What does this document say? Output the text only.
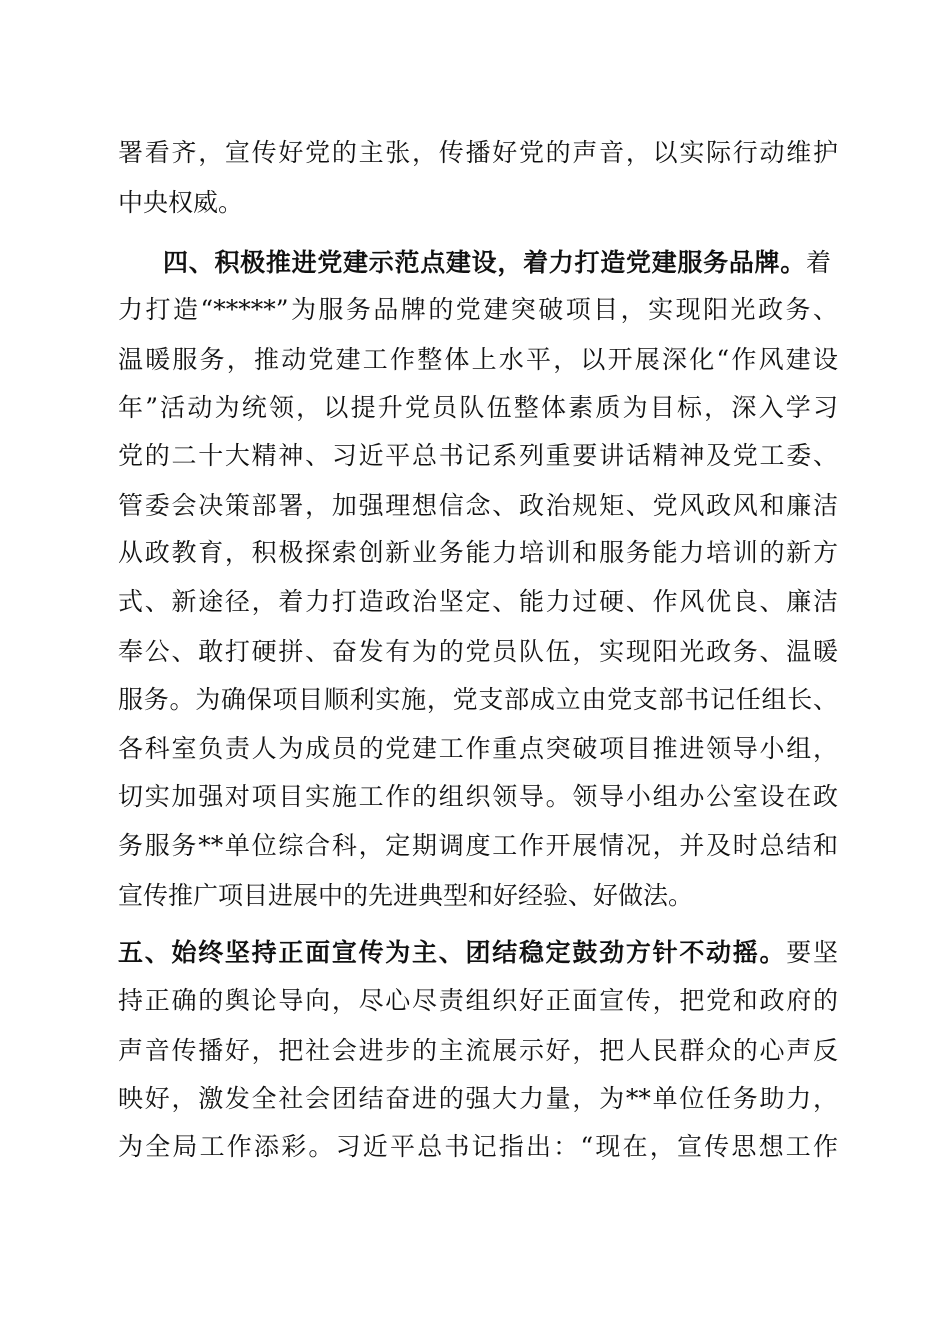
署看齐，宣传好党的主张，传播好党的声音，以实际行动维护
中央权威。
四、积极推进党建示范点建设，着力打造党建服务品牌。着
力打造“*****”为服务品牌的党建突破项目，实现阳光政务、
温暖服务，推动党建工作整体上水平，以开展深化“作风建设
年”活动为统领，以提升党员队伍整体素质为目标，深入学习
党的二十大精神、习近平总书记系列重要讲话精神及党工委、
管委会决策部署，加强理想信念、政治规矩、党风政风和廉洁
从政教育，积极探索创新业务能力培训和服务能力培训的新方
式、新途径，着力打造政治坚定、能力过硬、作风优良、廉洁
奉公、敢打硬拼、奋发有为的党员队伍，实现阳光政务、温暖
服务。为确保项目顺利实施，党支部成立由党支部书记任组长、
各科室负责人为成员的党建工作重点突破项目推进领导小组，
切实加强对项目实施工作的组织领导。领导小组办公室设在政
务服务**单位综合科，定期调度工作开展情况，并及时总结和
宣传推广项目进展中的先进典型和好经验、好做法。
五、始终坚持正面宣传为主、团结稳定鼓劲方针不动摇。要坚
持正确的舆论导向，尽心尽责组织好正面宣传，把党和政府的
声音传播好，把社会进步的主流展示好，把人民群众的心声反
映好，激发全社会团结奋进的强大力量，为**单位任务助力，
为全局工作添彩。习近平总书记指出：“现在，宣传思想工作
